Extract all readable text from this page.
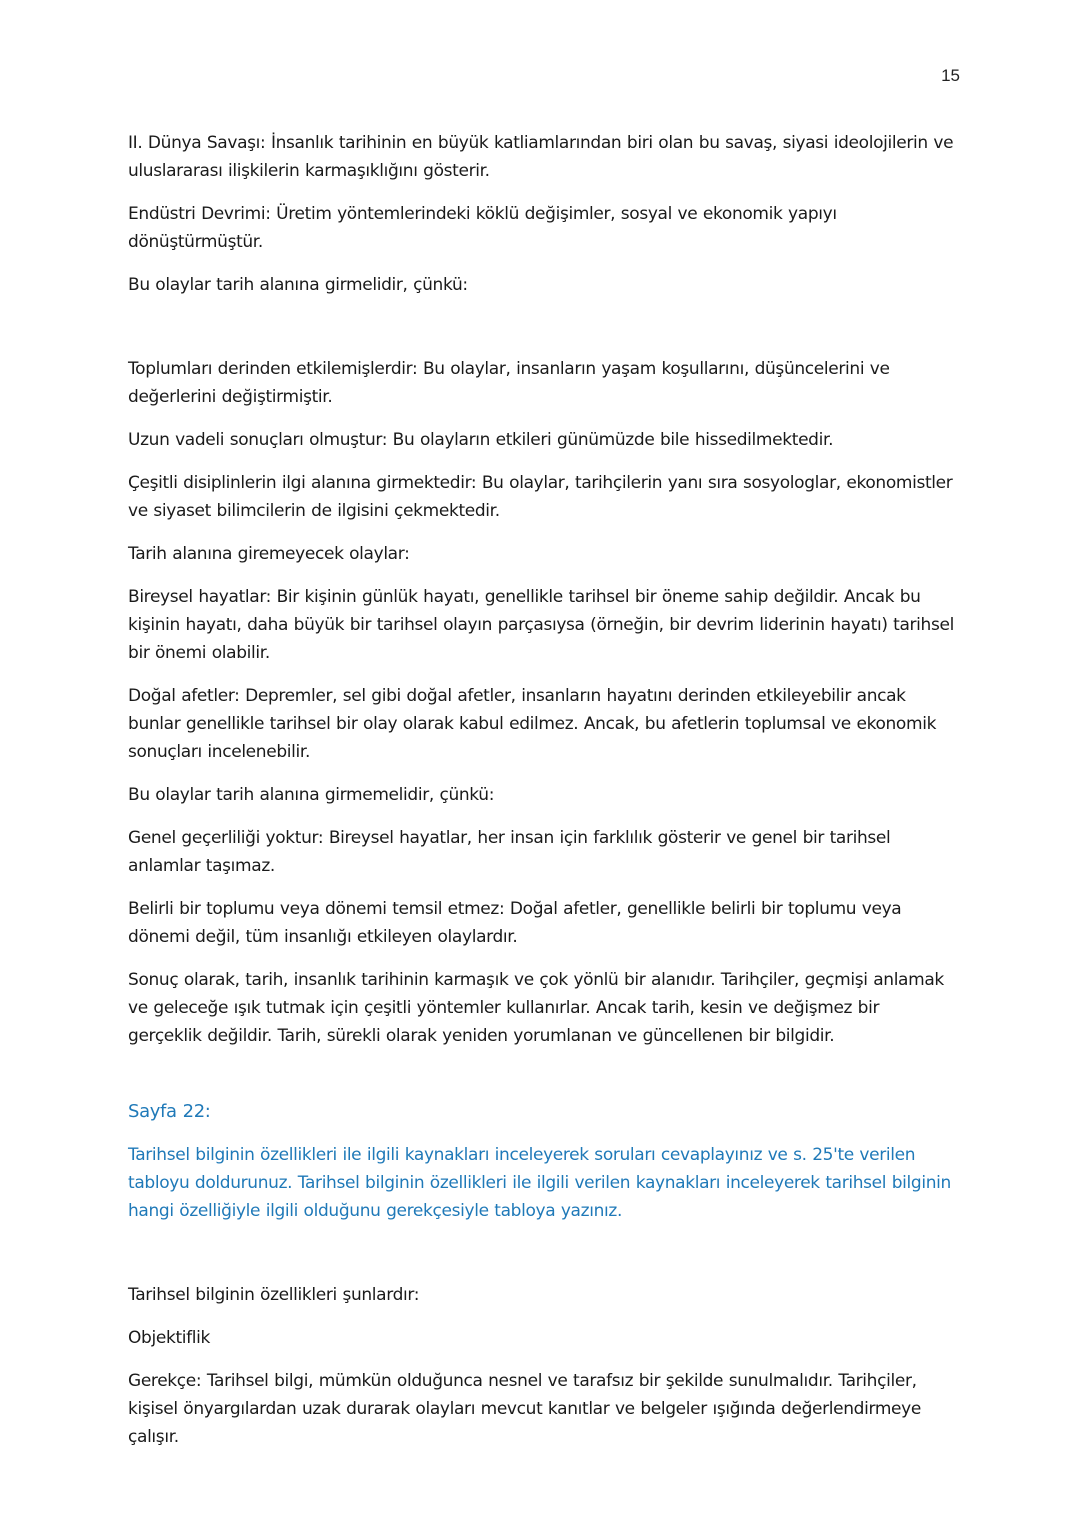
15

II. Dünya Savaşı: İnsanlık tarihinin en büyük katliamlarından biri olan bu savaş, siyasi ideolojilerin ve uluslararası ilişkilerin karmaşıklığını gösterir.

Endüstri Devrimi: Üretim yöntemlerindeki köklü değişimler, sosyal ve ekonomik yapıyı dönüştürmüştür.

Bu olaylar tarih alanına girmelidir, çünkü:

Toplumları derinden etkilemişlerdir: Bu olaylar, insanların yaşam koşullarını, düşüncelerini ve değerlerini değiştirmiştir.

Uzun vadeli sonuçları olmuştur: Bu olayların etkileri günümüzde bile hissedilmektedir.

Çeşitli disiplinlerin ilgi alanına girmektedir: Bu olaylar, tarihçilerin yanı sıra sosyologlar, ekonomistler ve siyaset bilimcilerin de ilgisini çekmektedir.

Tarih alanına giremeyecek olaylar:

Bireysel hayatlar: Bir kişinin günlük hayatı, genellikle tarihsel bir öneme sahip değildir. Ancak bu kişinin hayatı, daha büyük bir tarihsel olayın parçasıysa (örneğin, bir devrim liderinin hayatı) tarihsel bir önemi olabilir.

Doğal afetler: Depremler, sel gibi doğal afetler, insanların hayatını derinden etkileyebilir ancak bunlar genellikle tarihsel bir olay olarak kabul edilmez. Ancak, bu afetlerin toplumsal ve ekonomik sonuçları incelenebilir.

Bu olaylar tarih alanına girmemelidir, çünkü:

Genel geçerliliği yoktur: Bireysel hayatlar, her insan için farklılık gösterir ve genel bir tarihsel anlamlar taşımaz.

Belirli bir toplumu veya dönemi temsil etmez: Doğal afetler, genellikle belirli bir toplumu veya dönemi değil, tüm insanlığı etkileyen olaylardır.

Sonuç olarak, tarih, insanlık tarihinin karmaşık ve çok yönlü bir alanıdır. Tarihçiler, geçmişi anlamak ve geleceğe ışık tutmak için çeşitli yöntemler kullanırlar. Ancak tarih, kesin ve değişmez bir gerçeklik değildir. Tarih, sürekli olarak yeniden yorumlanan ve güncellenen bir bilgidir.

Sayfa 22:

Tarihsel bilginin özellikleri ile ilgili kaynakları inceleyerek soruları cevaplayınız ve s. 25'te verilen tabloyu doldurunuz. Tarihsel bilginin özellikleri ile ilgili verilen kaynakları inceleyerek tarihsel bilginin hangi özelliğiyle ilgili olduğunu gerekçesiyle tabloya yazınız.

Tarihsel bilginin özellikleri şunlardır:

Objektiflik

Gerekçe: Tarihsel bilgi, mümkün olduğunca nesnel ve tarafsız bir şekilde sunulmalıdır. Tarihçiler, kişisel önyargılardan uzak durarak olayları mevcut kanıtlar ve belgeler ışığında değerlendirmeye çalışır.
